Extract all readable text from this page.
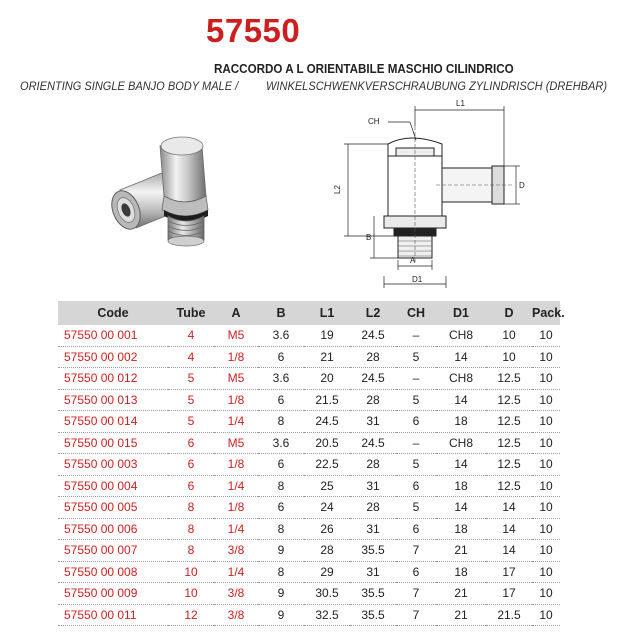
57550
RACCORDO A L ORIENTABILE MASCHIO CILINDRICO
ORIENTING SINGLE BANJO BODY MALE / WINKELSCHWENKVERSCHRAUBUNG ZYLINDRISCH (DREHBAR)
L1
L2
CH
B
D
A
D1
Code	Tube	A	B	L1	L2	CH	D1	D	Pack.
57550 00 001	4	M5	3.6	19	24.5	–	CH8	10	10
57550 00 002	4	1/8	6	21	28	5	14	10	10
57550 00 012	5	M5	3.6	20	24.5	–	CH8	12.5	10
57550 00 013	5	1/8	6	21.5	28	5	14	12.5	10
57550 00 014	5	1/4	8	24.5	31	6	18	12.5	10
57550 00 015	6	M5	3.6	20.5	24.5	–	CH8	12.5	10
57550 00 003	6	1/8	6	22.5	28	5	14	12.5	10
57550 00 004	6	1/4	8	25	31	6	18	12.5	10
57550 00 005	8	1/8	6	24	28	5	14	14	10
57550 00 006	8	1/4	8	26	31	6	18	14	10
57550 00 007	8	3/8	9	28	35.5	7	21	14	10
57550 00 008	10	1/4	8	29	31	6	18	17	10
57550 00 009	10	3/8	9	30.5	35.5	7	21	17	10
57550 00 011	12	3/8	9	32.5	35.5	7	21	21.5	10
